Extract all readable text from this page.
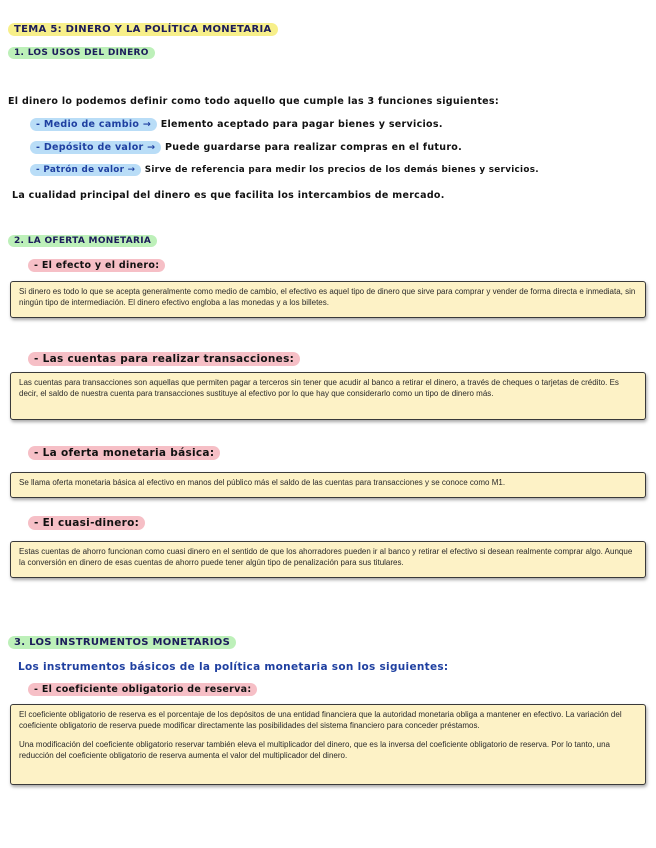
TEMA 5: DINERO Y LA POLÍTICA MONETARIA
1. LOS USOS DEL DINERO
El dinero lo podemos definir como todo aquello que cumple las 3 funciones siguientes:
- Medio de cambio → Elemento aceptado para pagar bienes y servicios.
- Depósito de valor → Puede guardarse para realizar compras en el futuro.
- Patrón de valor → Sirve de referencia para medir los precios de los demás bienes y servicios.
La cualidad principal del dinero es que facilita los intercambios de mercado.
2. LA OFERTA MONETARIA
- El efecto y el dinero:

Si dinero es todo lo que se acepta generalmente como medio de cambio, el efectivo es aquel tipo de dinero que sirve para comprar y vender de forma directa e inmediata, sin ningún tipo de intermediación. El dinero efectivo engloba a las monedas y a los billetes.

- Las cuentas para realizar transacciones:

Las cuentas para transacciones son aquellas que permiten pagar a terceros sin tener que acudir al banco a retirar el dinero, a través de cheques o tarjetas de crédito. Es decir, el saldo de nuestra cuenta para transacciones sustituye al efectivo por lo que hay que considerarlo como un tipo de dinero más.

- La oferta monetaria básica:

Se llama oferta monetaria básica al efectivo en manos del público más el saldo de las cuentas para transacciones y se conoce como M1.

- El cuasi-dinero:

Estas cuentas de ahorro funcionan como cuasi dinero en el sentido de que los ahorradores pueden ir al banco y retirar el efectivo si desean realmente comprar algo. Aunque la conversión en dinero de esas cuentas de ahorro puede tener algún tipo de penalización para sus titulares.

3. LOS INSTRUMENTOS MONETARIOS
Los instrumentos básicos de la política monetaria son los siguientes:
- El coeficiente obligatorio de reserva:

El coeficiente obligatorio de reserva es el porcentaje de los depósitos de una entidad financiera que la autoridad monetaria obliga a mantener en efectivo. La variación del coeficiente obligatorio de reserva puede modificar directamente las posibilidades del sistema financiero para conceder préstamos.

Una modificación del coeficiente obligatorio reservar también eleva el multiplicador del dinero, que es la inversa del coeficiente obligatorio de reserva. Por lo tanto, una reducción del coeficiente obligatorio de reserva aumenta el valor del multiplicador del dinero.
